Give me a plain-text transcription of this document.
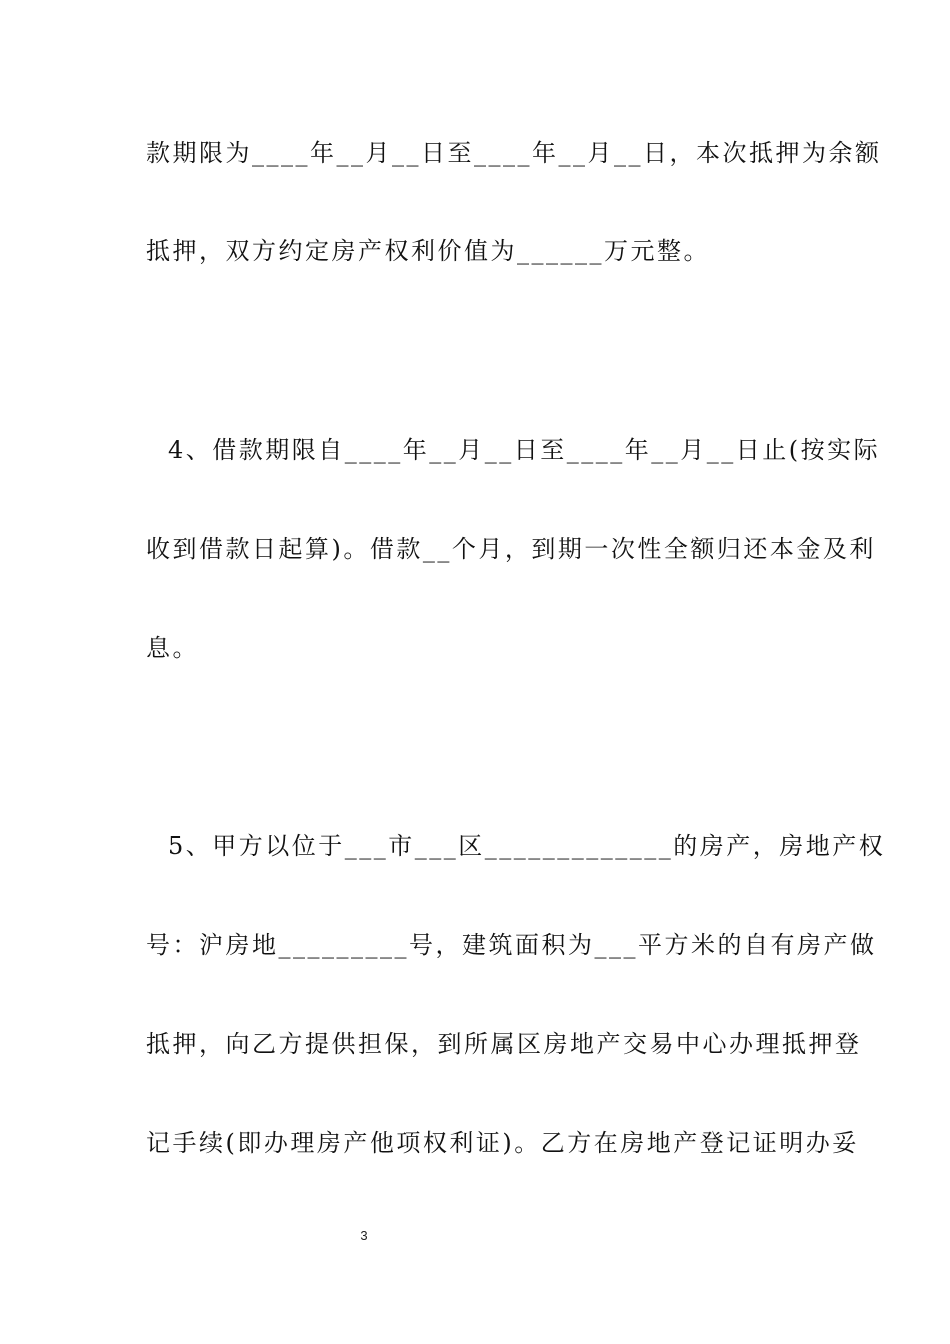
款期限为____年__月__日至____年__月__日，本次抵押为余额
抵押，双方约定房产权利价值为______万元整。
4、借款期限自____年__月__日至____年__月__日止(按实际
收到借款日起算)。借款__个月，到期一次性全额归还本金及利
息。
5、甲方以位于___市___区_____________的房产，房地产权
号：沪房地_________号，建筑面积为___平方米的自有房产做
抵押，向乙方提供担保，到所属区房地产交易中心办理抵押登
记手续(即办理房产他项权利证)。乙方在房地产登记证明办妥
3
